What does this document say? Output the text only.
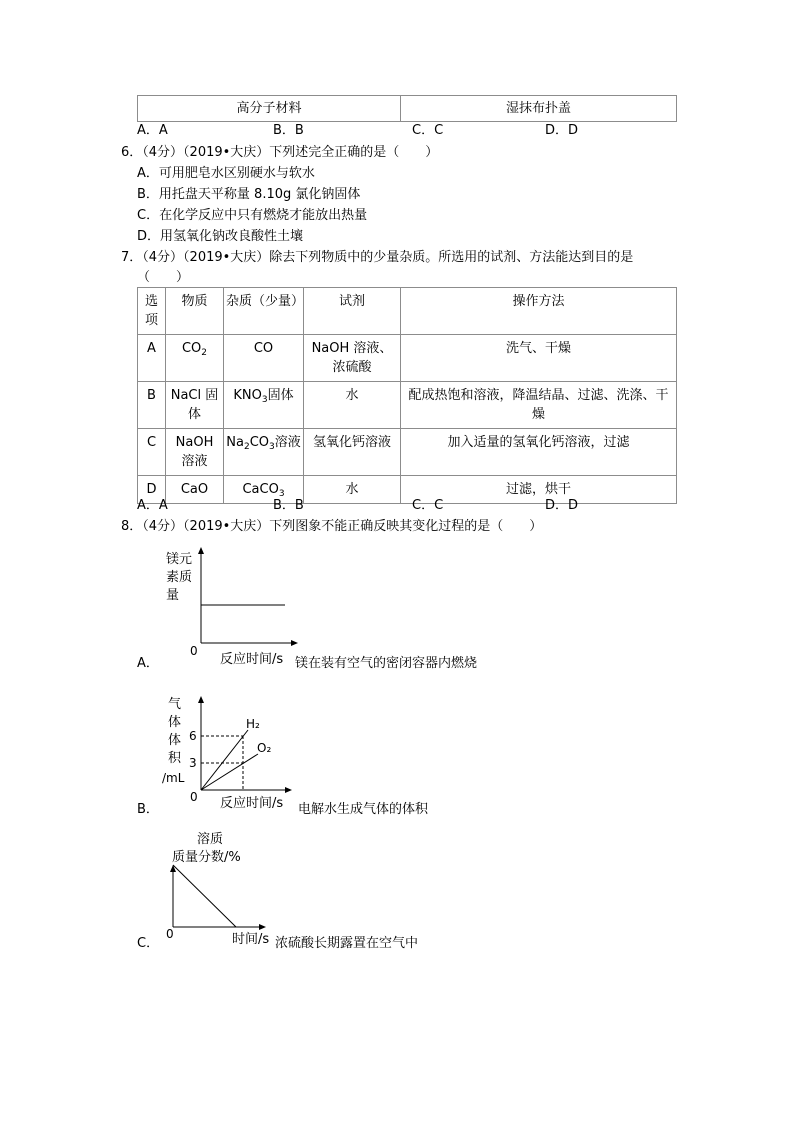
高分子材料	湿抹布扑盖
A．A	B．B	C．C	D．D
6．（4分）（2019•大庆）下列述完全正确的是（　　）
A．可用肥皂水区别硬水与软水
B．用托盘天平称量 8.10g 氯化钠固体
C．在化学反应中只有燃烧才能放出热量
D．用氢氧化钠改良酸性土壤
7．（4分）（2019•大庆）除去下列物质中的少量杂质。所选用的试剂、方法能达到目的是
（　　）
选项	物质	杂质（少量）	试剂	操作方法
A	$CO_2$	CO	NaOH 溶液、浓硫酸	洗气、干燥
B	NaCl 固体	$KNO_3$固体	水	配成热饱和溶液，降温结晶、过滤、洗涤、干燥
C	NaOH 溶液	$Na_2CO_3$溶液	氢氧化钙溶液	加入适量的氢氧化钙溶液，过滤
D	CaO	CaCO$_3$	水	过滤，烘干
A．A	B．B	C．C	D．D
8．（4分）（2019•大庆）下列图象不能正确反映其变化过程的是（　　）
A．
镁元
素质
量
0
反应时间/s 镁在装有空气的密闭容器内燃烧
B．
气
体
体
积
/mL
6
3
H₂
O₂
0 反应时间/s 电解水生成气体的体积
C．
溶质
质量分数/%
0	时间/s 浓硫酸长期露置在空气中
